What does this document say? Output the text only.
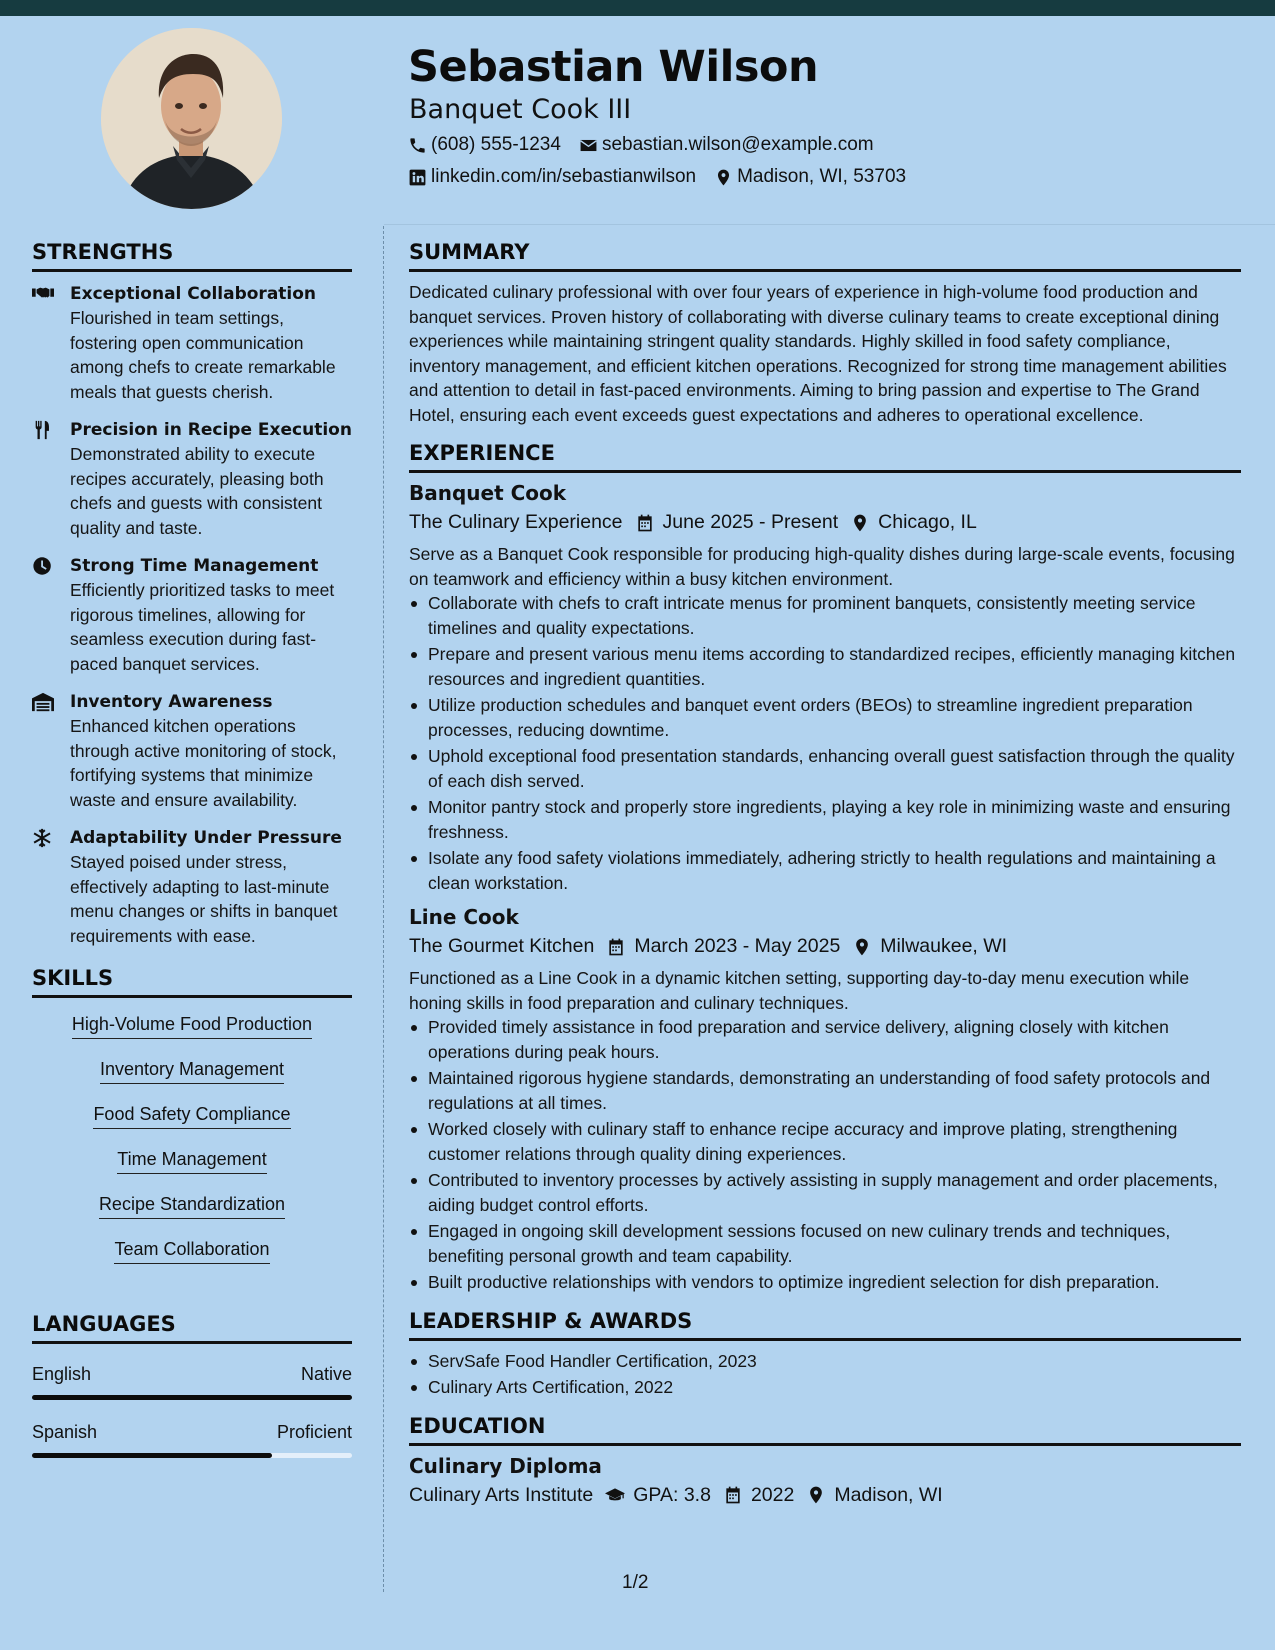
Sebastian Wilson
Banquet Cook III
(608) 555-1234 sebastian.wilson@example.com
linkedin.com/in/sebastianwilson Madison, WI, 53703
STRENGTHS
Exceptional Collaboration
Flourished in team settings, fostering open communication among chefs to create remarkable meals that guests cherish.
Precision in Recipe Execution
Demonstrated ability to execute recipes accurately, pleasing both chefs and guests with consistent quality and taste.
Strong Time Management
Efficiently prioritized tasks to meet rigorous timelines, allowing for seamless execution during fast-paced banquet services.
Inventory Awareness
Enhanced kitchen operations through active monitoring of stock, fortifying systems that minimize waste and ensure availability.
Adaptability Under Pressure
Stayed poised under stress, effectively adapting to last-minute menu changes or shifts in banquet requirements with ease.
SKILLS
High-Volume Food Production
Inventory Management
Food Safety Compliance
Time Management
Recipe Standardization
Team Collaboration
LANGUAGES
English	Native
Spanish	Proficient
SUMMARY
Dedicated culinary professional with over four years of experience in high-volume food production and banquet services. Proven history of collaborating with diverse culinary teams to create exceptional dining experiences while maintaining stringent quality standards. Highly skilled in food safety compliance, inventory management, and efficient kitchen operations. Recognized for strong time management abilities and attention to detail in fast-paced environments. Aiming to bring passion and expertise to The Grand Hotel, ensuring each event exceeds guest expectations and adheres to operational excellence.
EXPERIENCE
Banquet Cook
The Culinary Experience June 2025 - Present Chicago, IL
Serve as a Banquet Cook responsible for producing high-quality dishes during large-scale events, focusing on teamwork and efficiency within a busy kitchen environment.
Collaborate with chefs to craft intricate menus for prominent banquets, consistently meeting service timelines and quality expectations.
Prepare and present various menu items according to standardized recipes, efficiently managing kitchen resources and ingredient quantities.
Utilize production schedules and banquet event orders (BEOs) to streamline ingredient preparation processes, reducing downtime.
Uphold exceptional food presentation standards, enhancing overall guest satisfaction through the quality of each dish served.
Monitor pantry stock and properly store ingredients, playing a key role in minimizing waste and ensuring freshness.
Isolate any food safety violations immediately, adhering strictly to health regulations and maintaining a clean workstation.
Line Cook
The Gourmet Kitchen March 2023 - May 2025 Milwaukee, WI
Functioned as a Line Cook in a dynamic kitchen setting, supporting day-to-day menu execution while honing skills in food preparation and culinary techniques.
Provided timely assistance in food preparation and service delivery, aligning closely with kitchen operations during peak hours.
Maintained rigorous hygiene standards, demonstrating an understanding of food safety protocols and regulations at all times.
Worked closely with culinary staff to enhance recipe accuracy and improve plating, strengthening customer relations through quality dining experiences.
Contributed to inventory processes by actively assisting in supply management and order placements, aiding budget control efforts.
Engaged in ongoing skill development sessions focused on new culinary trends and techniques, benefiting personal growth and team capability.
Built productive relationships with vendors to optimize ingredient selection for dish preparation.
LEADERSHIP & AWARDS
ServSafe Food Handler Certification, 2023
Culinary Arts Certification, 2022
EDUCATION
Culinary Diploma
Culinary Arts Institute GPA: 3.8 2022 Madison, WI
1/2
